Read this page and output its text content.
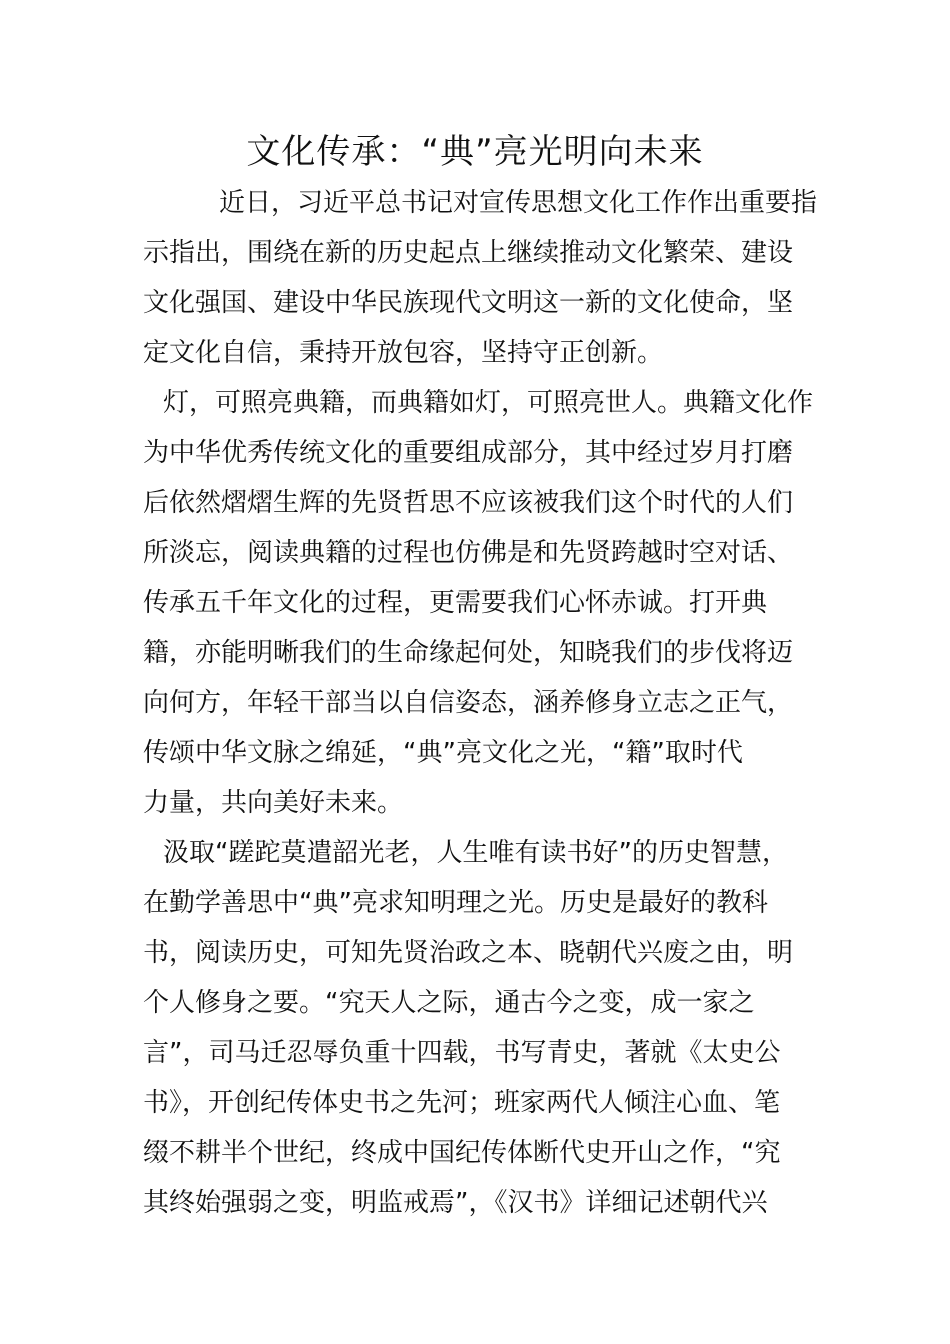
文化传承：“典”亮光明向未来

近日，习近平总书记对宣传思想文化工作作出重要指
示指出，围绕在新的历史起点上继续推动文化繁荣、建设
文化强国、建设中华民族现代文明这一新的文化使命，坚
定文化自信，秉持开放包容，坚持守正创新。

灯，可照亮典籍，而典籍如灯，可照亮世人。典籍文化作
为中华优秀传统文化的重要组成部分，其中经过岁月打磨
后依然熠熠生辉的先贤哲思不应该被我们这个时代的人们
所淡忘，阅读典籍的过程也仿佛是和先贤跨越时空对话、
传承五千年文化的过程，更需要我们心怀赤诚。打开典
籍，亦能明晰我们的生命缘起何处，知晓我们的步伐将迈
向何方，年轻干部当以自信姿态，涵养修身立志之正气，
传颂中华文脉之绵延，“典”亮文化之光，“籍”取时代
力量，共向美好未来。

汲取“蹉跎莫遣韶光老，人生唯有读书好”的历史智慧，
在勤学善思中“典”亮求知明理之光。历史是最好的教科
书，阅读历史，可知先贤治政之本、晓朝代兴废之由，明
个人修身之要。“究天人之际，通古今之变，成一家之
言”，司马迁忍辱负重十四载，书写青史，著就《太史公
书》，开创纪传体史书之先河；班家两代人倾注心血、笔
缀不耕半个世纪，终成中国纪传体断代史开山之作，“究
其终始强弱之变，明监戒焉”，《汉书》详细记述朝代兴
